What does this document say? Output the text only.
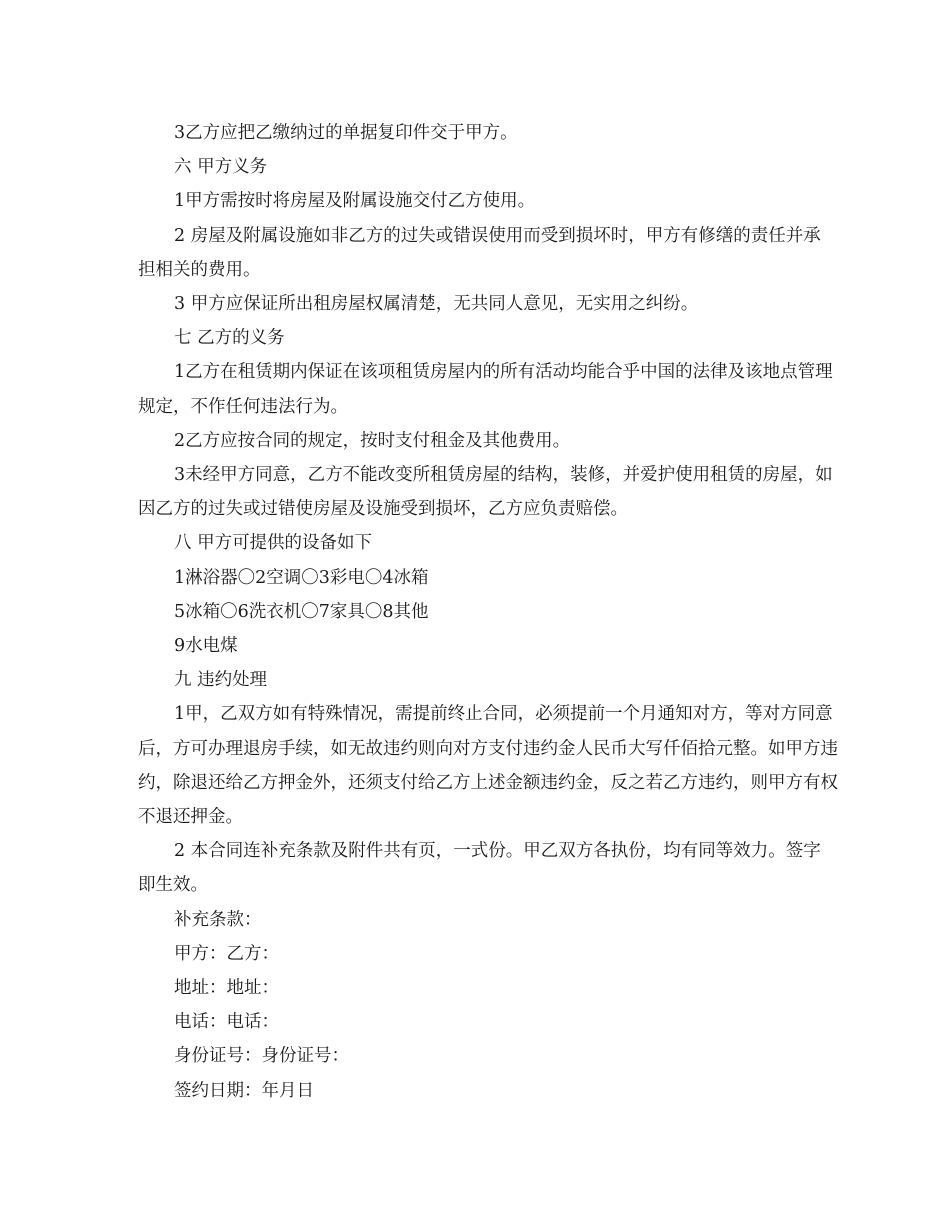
3乙方应把乙缴纳过的单据复印件交于甲方。

六 甲方义务

1甲方需按时将房屋及附属设施交付乙方使用。

2 房屋及附属设施如非乙方的过失或错误使用而受到损坏时，甲方有修缮的责任并承担相关的费用。

3 甲方应保证所出租房屋权属清楚，无共同人意见，无实用之纠纷。

七 乙方的义务

1乙方在租赁期内保证在该项租赁房屋内的所有活动均能合乎中国的法律及该地点管理规定，不作任何违法行为。

2乙方应按合同的规定，按时支付租金及其他费用。

3未经甲方同意，乙方不能改变所租赁房屋的结构，装修，并爱护使用租赁的房屋，如因乙方的过失或过错使房屋及设施受到损坏，乙方应负责赔偿。

八 甲方可提供的设备如下

1淋浴器〇2空调〇3彩电〇4冰箱

5冰箱〇6洗衣机〇7家具〇8其他

9水电煤

九 违约处理

1甲，乙双方如有特殊情况，需提前终止合同，必须提前一个月通知对方，等对方同意后，方可办理退房手续，如无故违约则向对方支付违约金人民币大写仟佰拾元整。如甲方违约，除退还给乙方押金外，还须支付给乙方上述金额违约金，反之若乙方违约，则甲方有权不退还押金。

2 本合同连补充条款及附件共有页，一式份。甲乙双方各执份，均有同等效力。签字即生效。

补充条款：

甲方：乙方：

地址：地址：

电话：电话：

身份证号：身份证号：

签约日期：年月日
